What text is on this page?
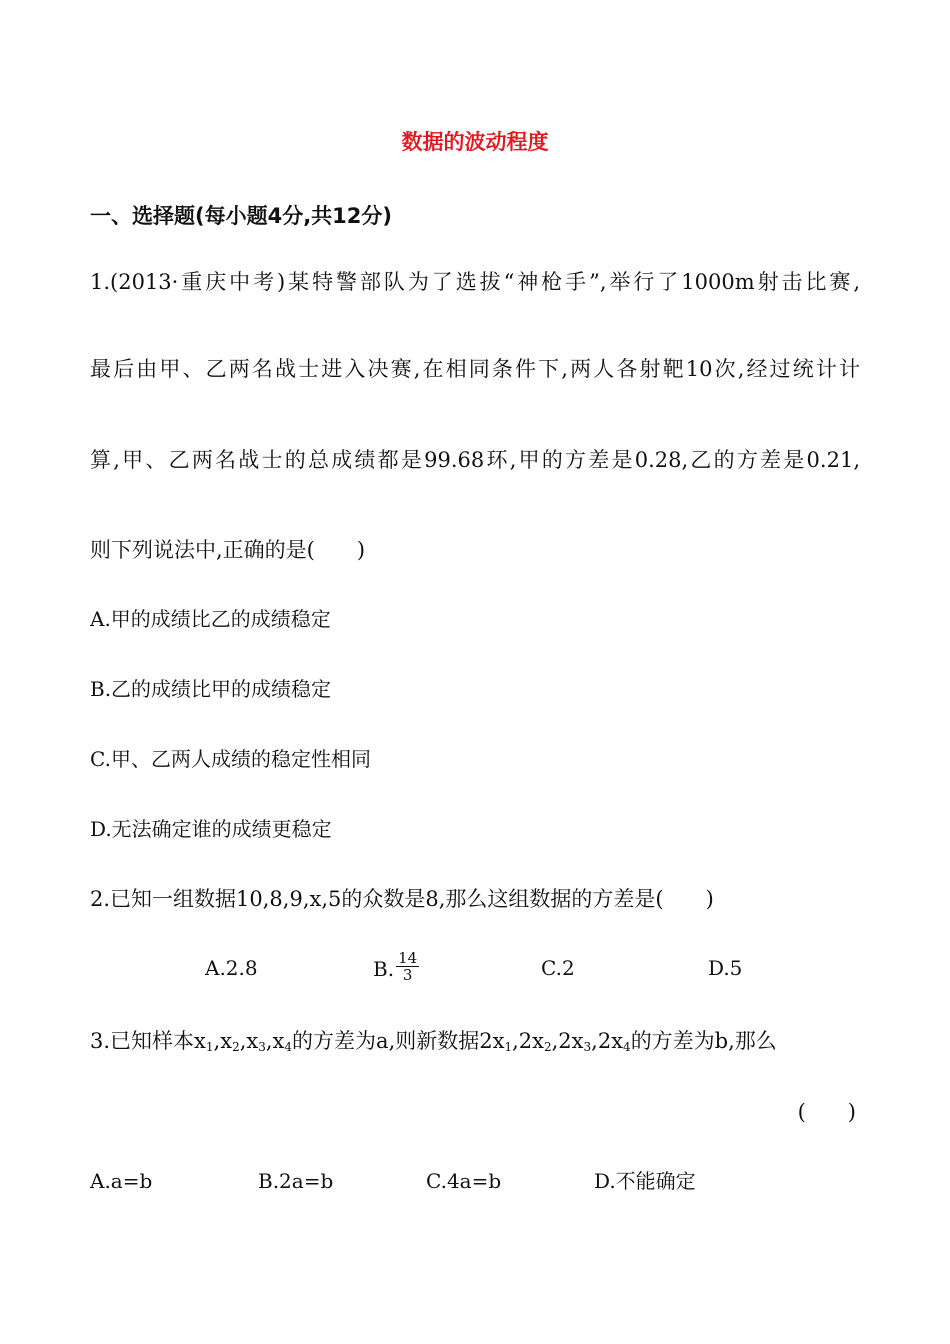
数据的波动程度
一、选择题(每小题4分,共12分)
1.(2013·重庆中考)某特警部队为了选拔“神枪手”,举行了1000m射击比赛,
最后由甲、乙两名战士进入决赛,在相同条件下,两人各射靶10次,经过统计计
算,甲、乙两名战士的总成绩都是99.68环,甲的方差是0.28,乙的方差是0.21,
则下列说法中,正确的是(　　)
A.甲的成绩比乙的成绩稳定
B.乙的成绩比甲的成绩稳定
C.甲、乙两人成绩的稳定性相同
D.无法确定谁的成绩更稳定
2.已知一组数据10,8,9,x,5的众数是8,那么这组数据的方差是(　　)
A.2.8	B. $\frac{14}{3}$	C.2	D.5
3.已知样本$x_1,x_2,x_3,x_4$的方差为a,则新数据$2x_1,2x_2,2x_3,2x_4$的方差为b,那么
(　　)
A.a=b	B.2a=b	C.4a=b	D.不能确定
